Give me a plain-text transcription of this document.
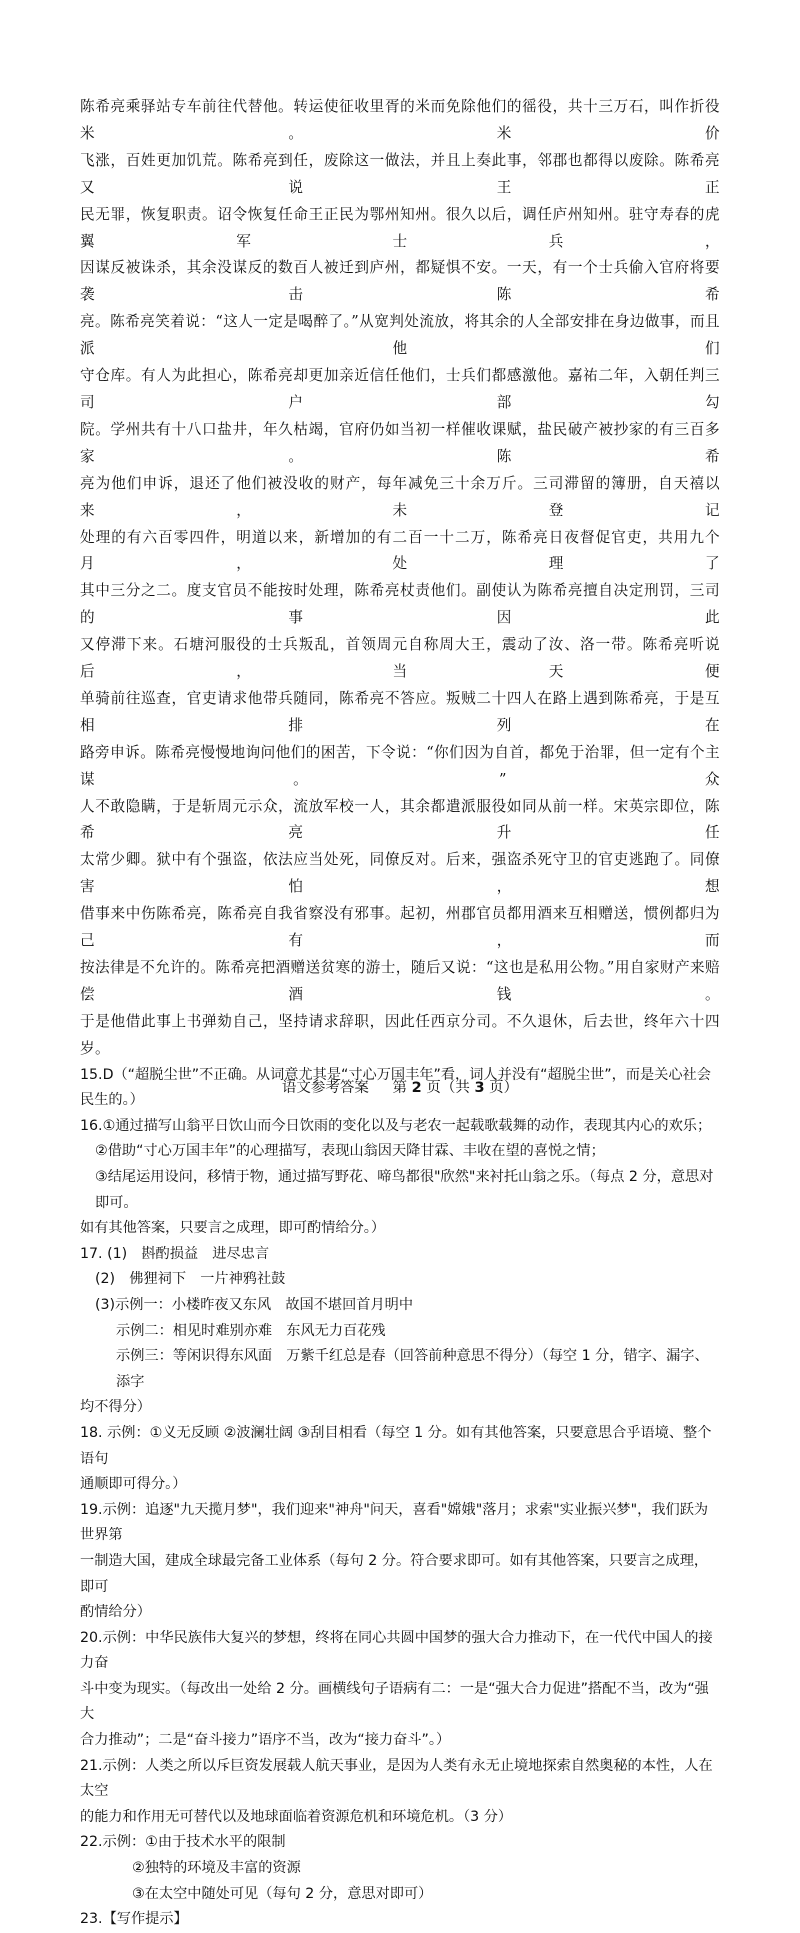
陈希亮乘驿站专车前往代替他。转运使征收里胥的米而免除他们的徭役，共十三万石，叫作折役米。米价

飞涨，百姓更加饥荒。陈希亮到任，废除这一做法，并且上奏此事，邻郡也都得以废除。陈希亮又说王正

民无罪，恢复职责。诏令恢复任命王正民为鄂州知州。很久以后，调任庐州知州。驻守寿春的虎翼军士兵，

因谋反被诛杀，其余没谋反的数百人被迁到庐州，都疑惧不安。一天，有一个士兵偷入官府将要袭击陈希

亮。陈希亮笑着说：“这人一定是喝醉了。”从宽判处流放，将其余的人全部安排在身边做事，而且派他们

守仓库。有人为此担心，陈希亮却更加亲近信任他们，士兵们都感激他。嘉祐二年，入朝任判三司户部勾

院。学州共有十八口盐井，年久枯竭，官府仍如当初一样催收课赋，盐民破产被抄家的有三百多家。陈希

亮为他们申诉，退还了他们被没收的财产，每年减免三十余万斤。三司滞留的簿册，自天禧以来，未登记

处理的有六百零四件，明道以来，新增加的有二百一十二万，陈希亮日夜督促官吏，共用九个月，处理了

其中三分之二。度支官员不能按时处理，陈希亮杖责他们。副使认为陈希亮擅自决定刑罚，三司的事因此

又停滞下来。石塘河服役的士兵叛乱，首领周元自称周大王，震动了汝、洛一带。陈希亮听说后，当天便

单骑前往巡查，官吏请求他带兵随同，陈希亮不答应。叛贼二十四人在路上遇到陈希亮，于是互相排列在

路旁申诉。陈希亮慢慢地询问他们的困苦，下令说：“你们因为自首，都免于治罪，但一定有个主谋。”众

人不敢隐瞒，于是斩周元示众，流放军校一人，其余都遣派服役如同从前一样。宋英宗即位，陈希亮升任

太常少卿。狱中有个强盗，依法应当处死，同僚反对。后来，强盗杀死守卫的官吏逃跑了。同僚害怕，想

借事来中伤陈希亮，陈希亮自我省察没有邪事。起初，州郡官员都用酒来互相赠送，惯例都归为己有，而

按法律是不允许的。陈希亮把酒赠送贫寒的游士，随后又说：“这也是私用公物。”用自家财产来赔偿酒钱。

于是他借此事上书弹劾自己，坚持请求辞职，因此任西京分司。不久退休，后去世，终年六十四岁。

15.D（“超脱尘世”不正确。从词意尤其是“寸心万国丰年”看，词人并没有“超脱尘世”，而是关心社会

民生的。）

16.①通过描写山翁平日饮山而今日饮雨的变化以及与老农一起载歌载舞的动作，表现其内心的欢乐；

②借助“寸心万国丰年”的心理描写，表现山翁因天降甘霖、丰收在望的喜悦之情；

③结尾运用设问，移情于物，通过描写野花、啼鸟都很"欣然"来衬托山翁之乐。（每点 2 分，意思对即可。

如有其他答案，只要言之成理，即可酌情给分。）

17. (1)　斟酌损益　进尽忠言

(2)　佛狸祠下　一片神鸦社鼓

(3)示例一：小楼昨夜又东风　故国不堪回首月明中

示例二：相见时难别亦难　东风无力百花残

示例三：等闲识得东风面　万紫千红总是春（回答前种意思不得分）（每空 1 分，错字、漏字、添字

均不得分）

18. 示例：①义无反顾 ②波澜壮阔 ③刮目相看（每空 1 分。如有其他答案，只要意思合乎语境、整个语句

通顺即可得分。）

19.示例：追逐"九天揽月梦"，我们迎来"神舟"问天，喜看"嫦娥"落月；求索"实业振兴梦"，我们跃为世界第

一制造大国，建成全球最完备工业体系（每句 2 分。符合要求即可。如有其他答案，只要言之成理，即可

酌情给分）

20.示例：中华民族伟大复兴的梦想，终将在同心共圆中国梦的强大合力推动下，在一代代中国人的接力奋

斗中变为现实。（每改出一处给 2 分。画横线句子语病有二：一是“强大合力促进”搭配不当，改为“强大

合力推动”；二是“奋斗接力”语序不当，改为“接力奋斗”。）

21.示例：人类之所以斥巨资发展载人航天事业，是因为人类有永无止境地探索自然奥秘的本性，人在太空

的能力和作用无可替代以及地球面临着资源危机和环境危机。（3 分）

22.示例：①由于技术水平的限制

②独特的环境及丰富的资源

③在太空中随处可见（每句 2 分，意思对即可）

23.【写作提示】

语文参考答案 　 第 2 页（共 3 页）
